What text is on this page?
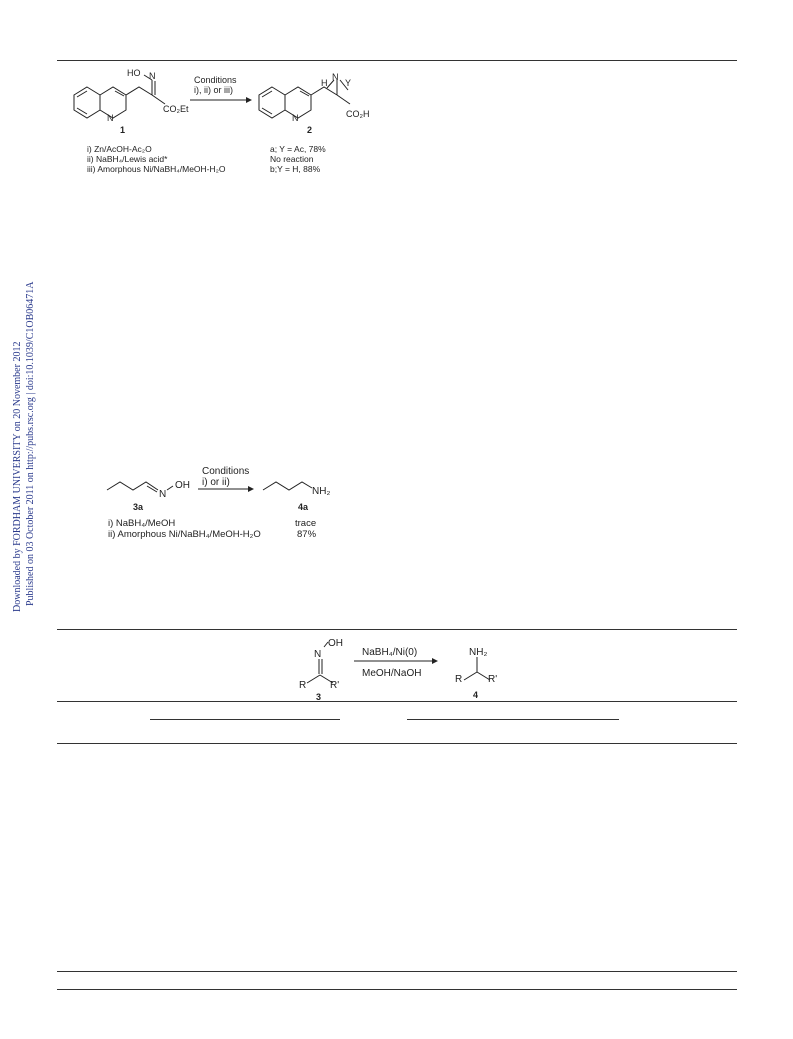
Downloaded by FORDHAM UNIVERSITY on 20 November 2012 Published on 03 October 2011 on http://pubs.rsc.org | doi:10.1039/C1OB06471A
N
HO N
CO₂Et
1
Conditions
i), ii) or iii)
N
H
N
Y
CO₂H
2
i) Zn/AcOH-Ac₂O
ii) NaBH₄/Lewis acid*
iii) Amorphous Ni/NaBH₄/MeOH-H₂O
a; Y = Ac, 78%
No reaction
b;Y = H, 88%
N
OH
3a
Conditions
i) or ii)
NH₂
4a
i) NaBH₄/MeOH
ii) Amorphous Ni/NaBH₄/MeOH-H₂O
trace
87%
N
OH
R R'
3
NaBH₄/Ni(0)
MeOH/NaOH
NH₂
R	R'
4
